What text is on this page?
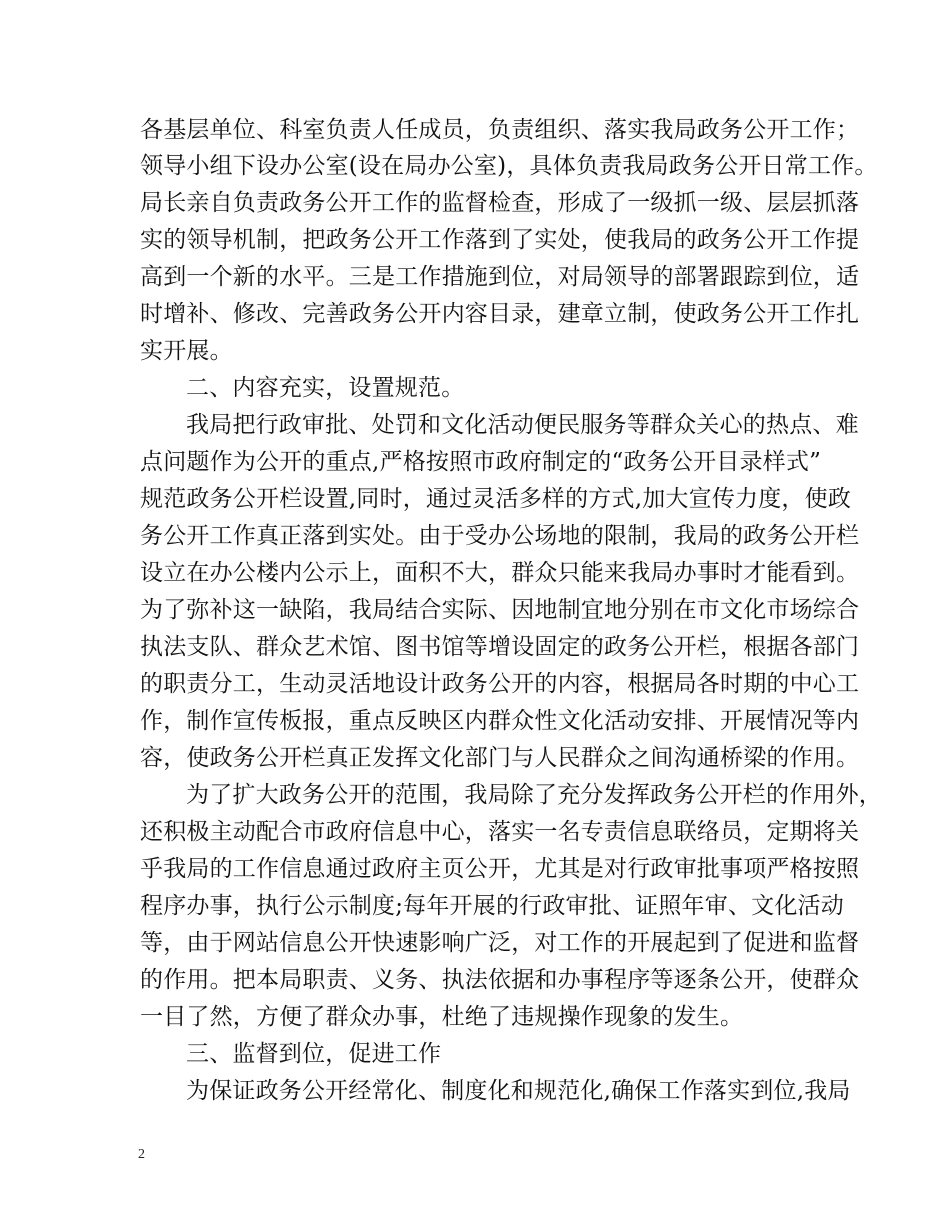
各基层单位、科室负责人任成员，负责组织、落实我局政务公开工作；
领导小组下设办公室(设在局办公室)，具体负责我局政务公开日常工作。
局长亲自负责政务公开工作的监督检查，形成了一级抓一级、层层抓落
实的领导机制，把政务公开工作落到了实处，使我局的政务公开工作提
高到一个新的水平。三是工作措施到位，对局领导的部署跟踪到位，适
时增补、修改、完善政务公开内容目录，建章立制，使政务公开工作扎
实开展。
二、内容充实，设置规范。
我局把行政审批、处罚和文化活动便民服务等群众关心的热点、难
点问题作为公开的重点,严格按照市政府制定的“政务公开目录样式”
规范政务公开栏设置,同时，通过灵活多样的方式,加大宣传力度，使政
务公开工作真正落到实处。由于受办公场地的限制，我局的政务公开栏
设立在办公楼内公示上，面积不大，群众只能来我局办事时才能看到。
为了弥补这一缺陷，我局结合实际、因地制宜地分别在市文化市场综合
执法支队、群众艺术馆、图书馆等增设固定的政务公开栏，根据各部门
的职责分工，生动灵活地设计政务公开的内容，根据局各时期的中心工
作，制作宣传板报，重点反映区内群众性文化活动安排、开展情况等内
容，使政务公开栏真正发挥文化部门与人民群众之间沟通桥梁的作用。
为了扩大政务公开的范围，我局除了充分发挥政务公开栏的作用外，
还积极主动配合市政府信息中心，落实一名专责信息联络员，定期将关
乎我局的工作信息通过政府主页公开，尤其是对行政审批事项严格按照
程序办事，执行公示制度;每年开展的行政审批、证照年审、文化活动
等，由于网站信息公开快速影响广泛，对工作的开展起到了促进和监督
的作用。把本局职责、义务、执法依据和办事程序等逐条公开，使群众
一目了然，方便了群众办事，杜绝了违规操作现象的发生。
三、监督到位，促进工作
为保证政务公开经常化、制度化和规范化,确保工作落实到位,我局
2
